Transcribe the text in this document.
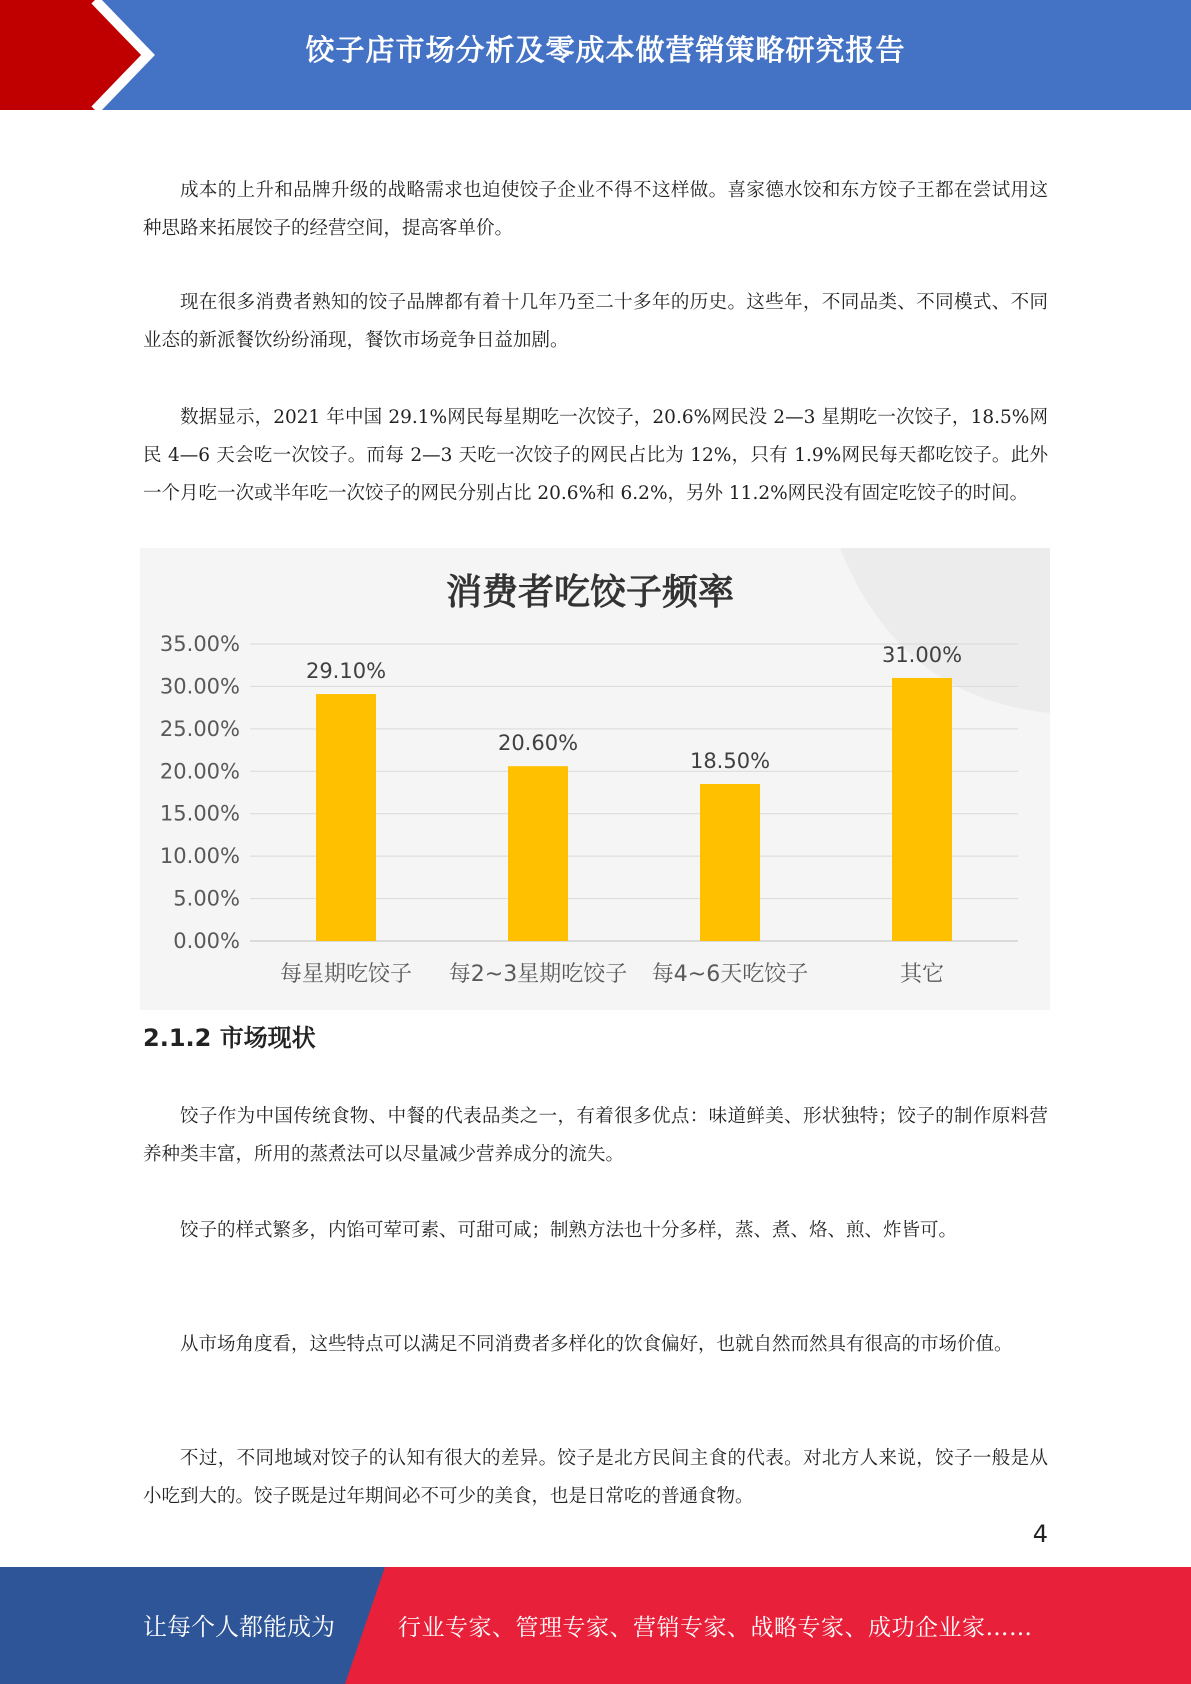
饺子店市场分析及零成本做营销策略研究报告

成本的上升和品牌升级的战略需求也迫使饺子企业不得不这样做。喜家德水饺和东方饺子王都在尝试用这种思路来拓展饺子的经营空间，提高客单价。

现在很多消费者熟知的饺子品牌都有着十几年乃至二十多年的历史。这些年，不同品类、不同模式、不同业态的新派餐饮纷纷涌现，餐饮市场竞争日益加剧。

数据显示，2021 年中国 29.1%网民每星期吃一次饺子，20.6%网民没 2—3 星期吃一次饺子，18.5%网民 4—6 天会吃一次饺子。而每 2—3 天吃一次饺子的网民占比为 12%，只有 1.9%网民每天都吃饺子。此外一个月吃一次或半年吃一次饺子的网民分别占比 20.6%和 6.2%，另外 11.2%网民没有固定吃饺子的时间。

消费者吃饺子频率
0.00%
5.00%
10.00%
15.00%
20.00%
25.00%
30.00%
35.00%
29.10%
20.60%
18.50%
31.00%
每星期吃饺子 每2~3星期吃饺子 每4~6天吃饺子	其它
2.1.2 市场现状

饺子作为中国传统食物、中餐的代表品类之一，有着很多优点：味道鲜美、形状独特；饺子的制作原料营养种类丰富，所用的蒸煮法可以尽量减少营养成分的流失。

饺子的样式繁多，内馅可荤可素、可甜可咸；制熟方法也十分多样，蒸、煮、烙、煎、炸皆可。

从市场角度看，这些特点可以满足不同消费者多样化的饮食偏好，也就自然而然具有很高的市场价值。

不过，不同地域对饺子的认知有很大的差异。饺子是北方民间主食的代表。对北方人来说，饺子一般是从小吃到大的。饺子既是过年期间必不可少的美食，也是日常吃的普通食物。

4
让每个人都能成为	行业专家、管理专家、营销专家、战略专家、成功企业家……
